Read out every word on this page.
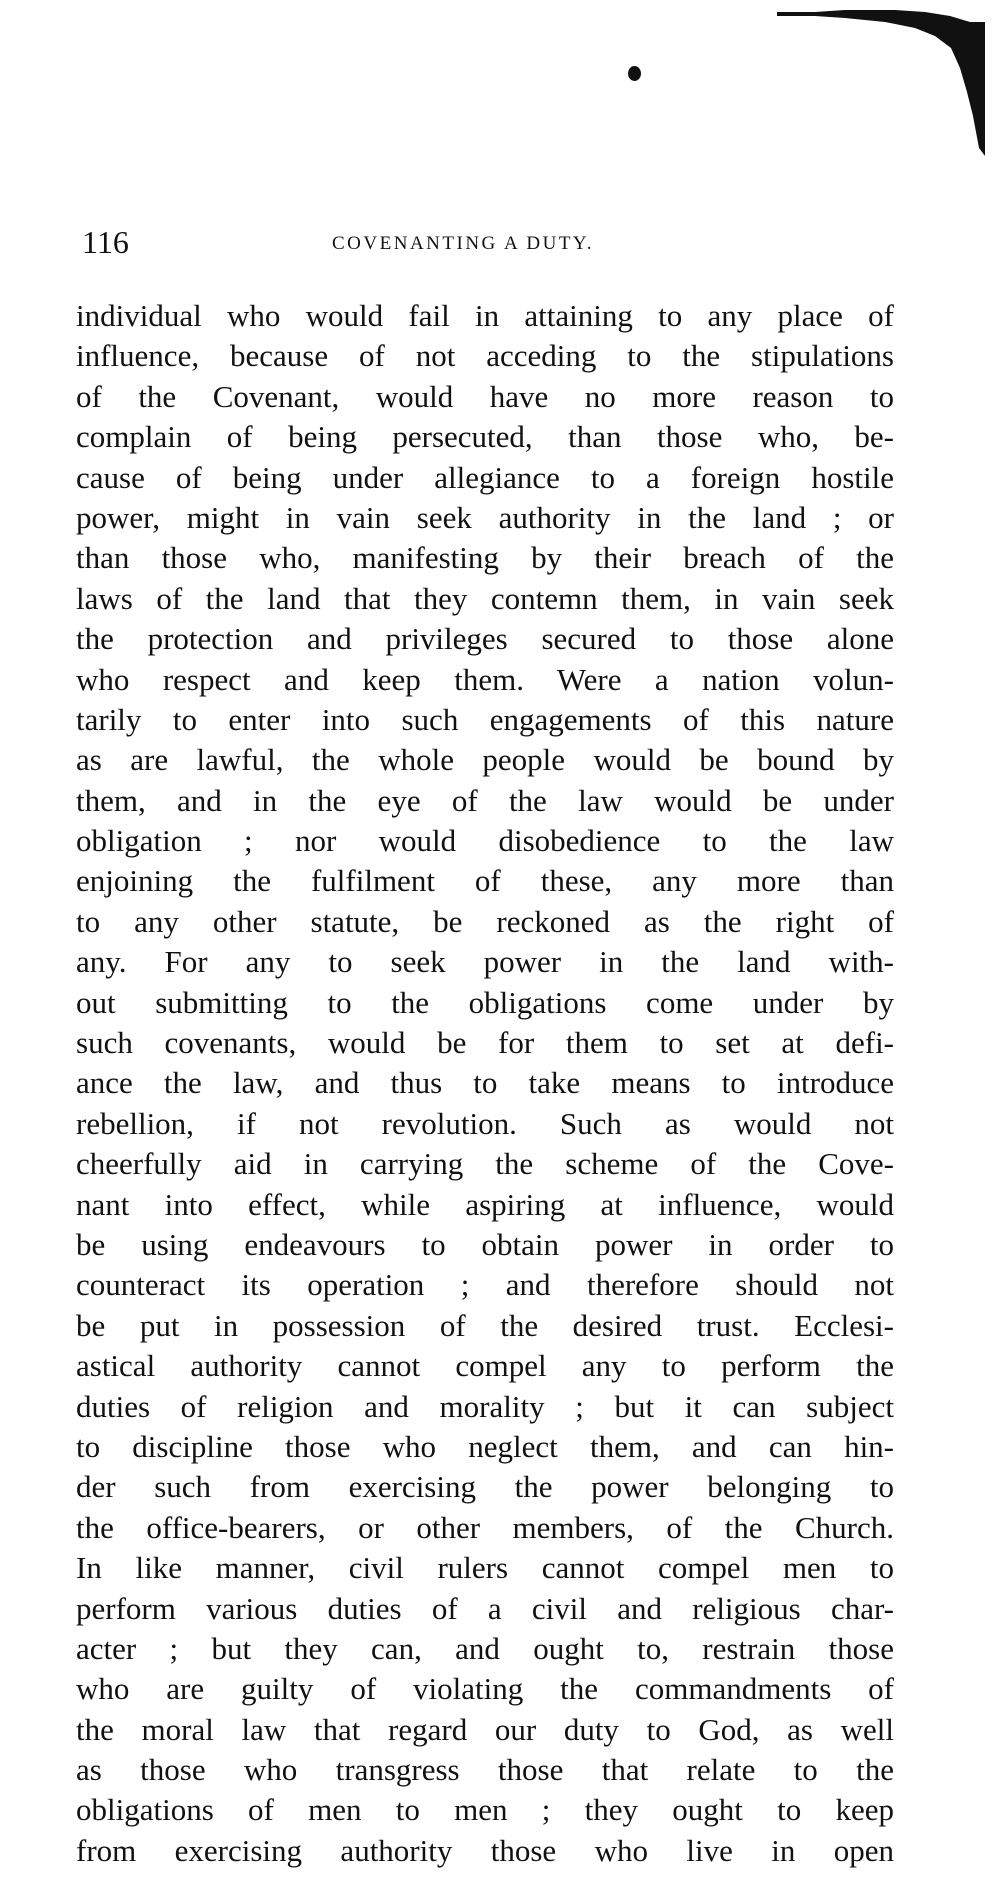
116	COVENANTING A DUTY.
individual who would fail in attaining to any place of
influence, because of not acceding to the stipulations
of the Covenant, would have no more reason to
complain of being persecuted, than those who, be-
cause of being under allegiance to a foreign hostile
power, might in vain seek authority in the land ; or
than those who, manifesting by their breach of the
laws of the land that they contemn them, in vain seek
the protection and privileges secured to those alone
who respect and keep them. Were a nation volun-
tarily to enter into such engagements of this nature
as are lawful, the whole people would be bound by
them, and in the eye of the law would be under
obligation ; nor would disobedience to the law
enjoining the fulfilment of these, any more than
to any other statute, be reckoned as the right of
any. For any to seek power in the land with-
out submitting to the obligations come under by
such covenants, would be for them to set at defi-
ance the law, and thus to take means to introduce
rebellion, if not revolution. Such as would not
cheerfully aid in carrying the scheme of the Cove-
nant into effect, while aspiring at influence, would
be using endeavours to obtain power in order to
counteract its operation ; and therefore should not
be put in possession of the desired trust. Ecclesi-
astical authority cannot compel any to perform the
duties of religion and morality ; but it can subject
to discipline those who neglect them, and can hin-
der such from exercising the power belonging to
the office-bearers, or other members, of the Church.
In like manner, civil rulers cannot compel men to
perform various duties of a civil and religious char-
acter ; but they can, and ought to, restrain those
who are guilty of violating the commandments of
the moral law that regard our duty to God, as well
as those who transgress those that relate to the
obligations of men to men ; they ought to keep
from exercising authority those who live in open
